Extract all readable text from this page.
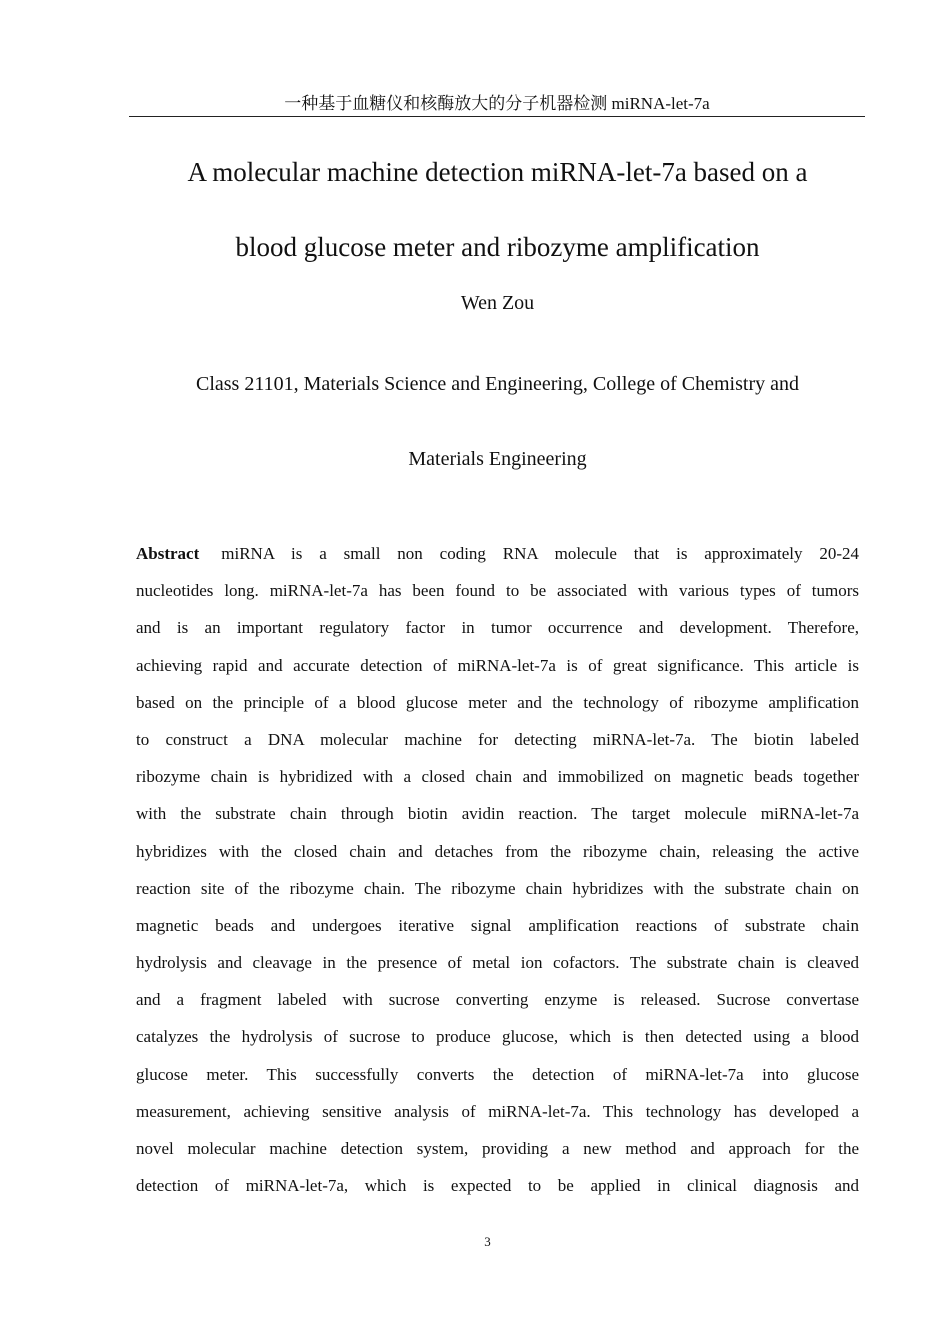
一种基于血糖仪和核酶放大的分子机器检测 miRNA-let-7a
A molecular machine detection miRNA-let-7a based on a
blood glucose meter and ribozyme amplification
Wen Zou
Class 21101, Materials Science and Engineering, College of Chemistry and
Materials Engineering
Abstract miRNA is a small non coding RNA molecule that is approximately 20-24
nucleotides long. miRNA-let-7a has been found to be associated with various types of tumors
and is an important regulatory factor in tumor occurrence and development. Therefore,
achieving rapid and accurate detection of miRNA-let-7a is of great significance. This article is
based on the principle of a blood glucose meter and the technology of ribozyme amplification
to construct a DNA molecular machine for detecting miRNA-let-7a. The biotin labeled
ribozyme chain is hybridized with a closed chain and immobilized on magnetic beads together
with the substrate chain through biotin avidin reaction. The target molecule miRNA-let-7a
hybridizes with the closed chain and detaches from the ribozyme chain, releasing the active
reaction site of the ribozyme chain. The ribozyme chain hybridizes with the substrate chain on
magnetic beads and undergoes iterative signal amplification reactions of substrate chain
hydrolysis and cleavage in the presence of metal ion cofactors. The substrate chain is cleaved
and a fragment labeled with sucrose converting enzyme is released. Sucrose convertase
catalyzes the hydrolysis of sucrose to produce glucose, which is then detected using a blood
glucose meter. This successfully converts the detection of miRNA-let-7a into glucose
measurement, achieving sensitive analysis of miRNA-let-7a. This technology has developed a
novel molecular machine detection system, providing a new method and approach for the
detection of miRNA-let-7a, which is expected to be applied in clinical diagnosis and
3
